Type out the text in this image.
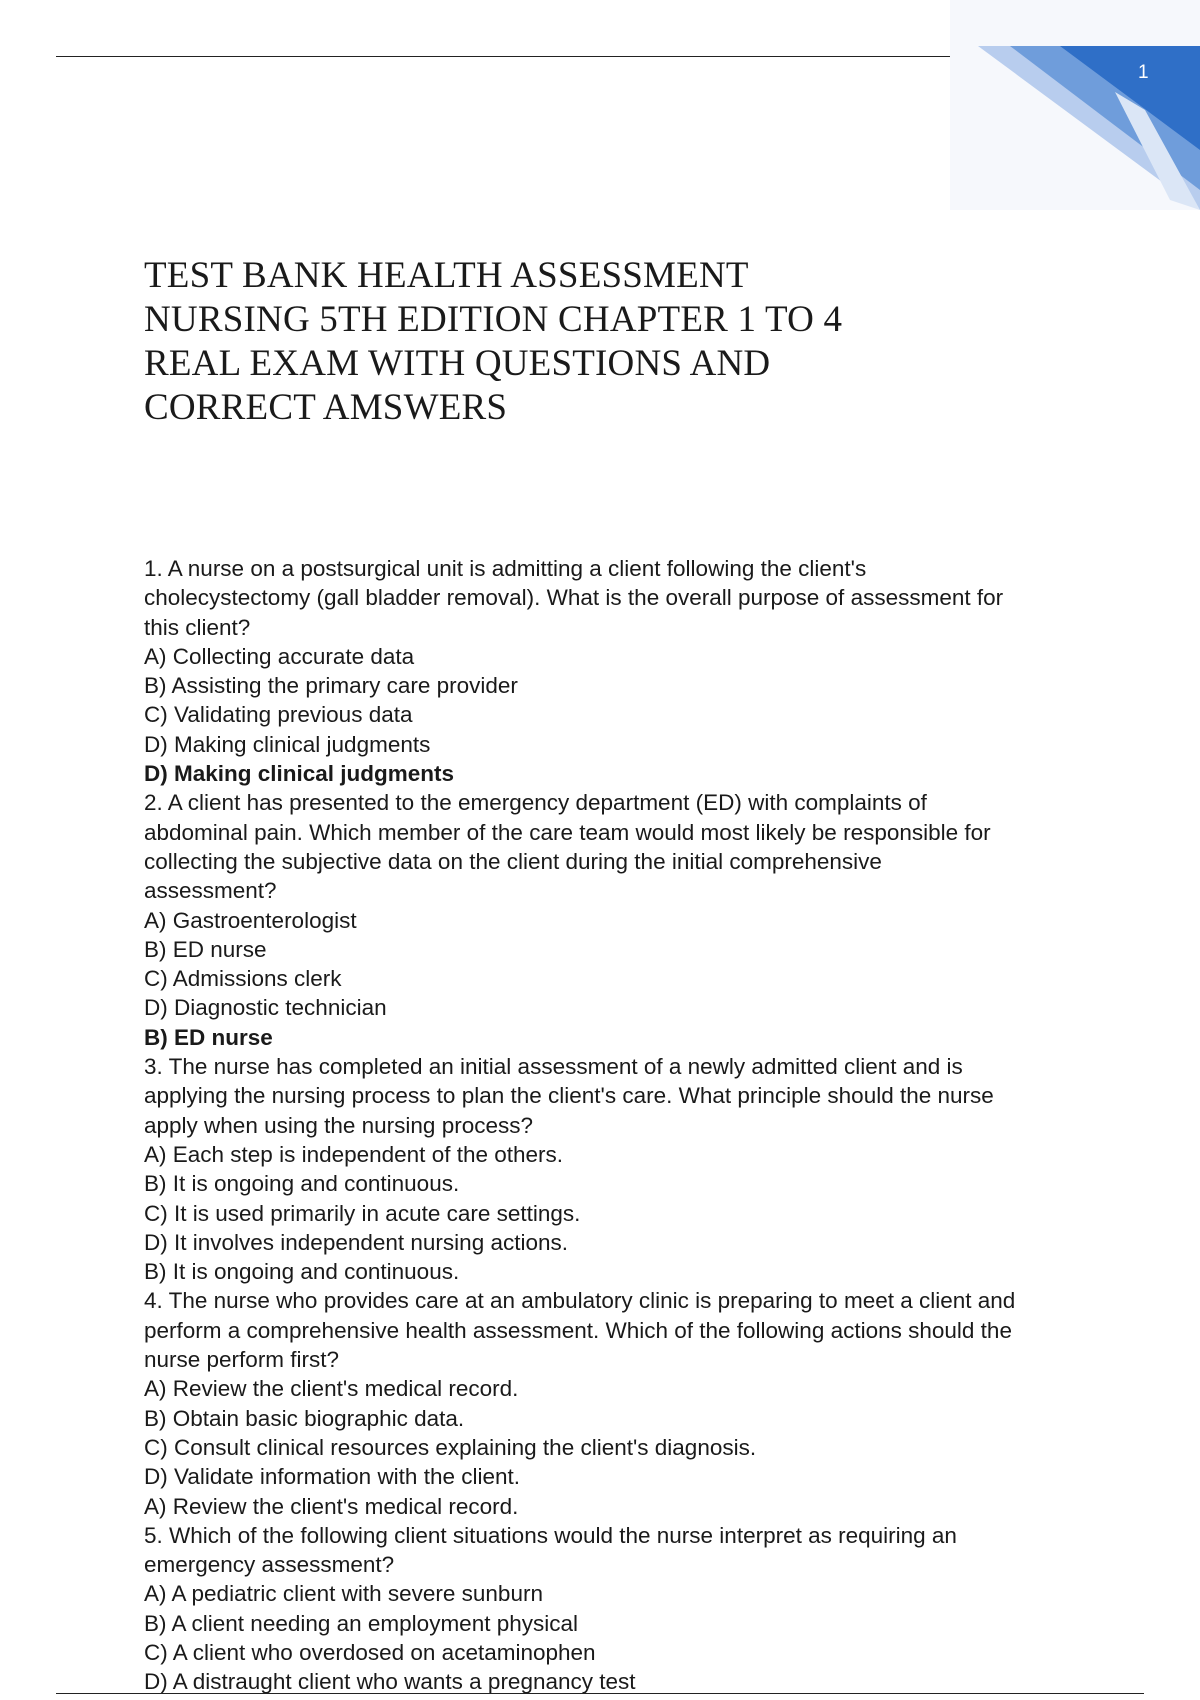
1
TEST BANK HEALTH ASSESSMENT
NURSING 5TH EDITION CHAPTER 1 TO 4
REAL EXAM WITH QUESTIONS AND
CORRECT AMSWERS
1. A nurse on a postsurgical unit is admitting a client following the client's
cholecystectomy (gall bladder removal). What is the overall purpose of assessment for
this client?
A) Collecting accurate data
B) Assisting the primary care provider
C) Validating previous data
D) Making clinical judgments
D) Making clinical judgments
2. A client has presented to the emergency department (ED) with complaints of
abdominal pain. Which member of the care team would most likely be responsible for
collecting the subjective data on the client during the initial comprehensive
assessment?
A) Gastroenterologist
B) ED nurse
C) Admissions clerk
D) Diagnostic technician
B) ED nurse
3. The nurse has completed an initial assessment of a newly admitted client and is
applying the nursing process to plan the client's care. What principle should the nurse
apply when using the nursing process?
A) Each step is independent of the others.
B) It is ongoing and continuous.
C) It is used primarily in acute care settings.
D) It involves independent nursing actions.
B) It is ongoing and continuous.
4. The nurse who provides care at an ambulatory clinic is preparing to meet a client and
perform a comprehensive health assessment. Which of the following actions should the
nurse perform first?
A) Review the client's medical record.
B) Obtain basic biographic data.
C) Consult clinical resources explaining the client's diagnosis.
D) Validate information with the client.
A) Review the client's medical record.
5. Which of the following client situations would the nurse interpret as requiring an
emergency assessment?
A) A pediatric client with severe sunburn
B) A client needing an employment physical
C) A client who overdosed on acetaminophen
D) A distraught client who wants a pregnancy test
